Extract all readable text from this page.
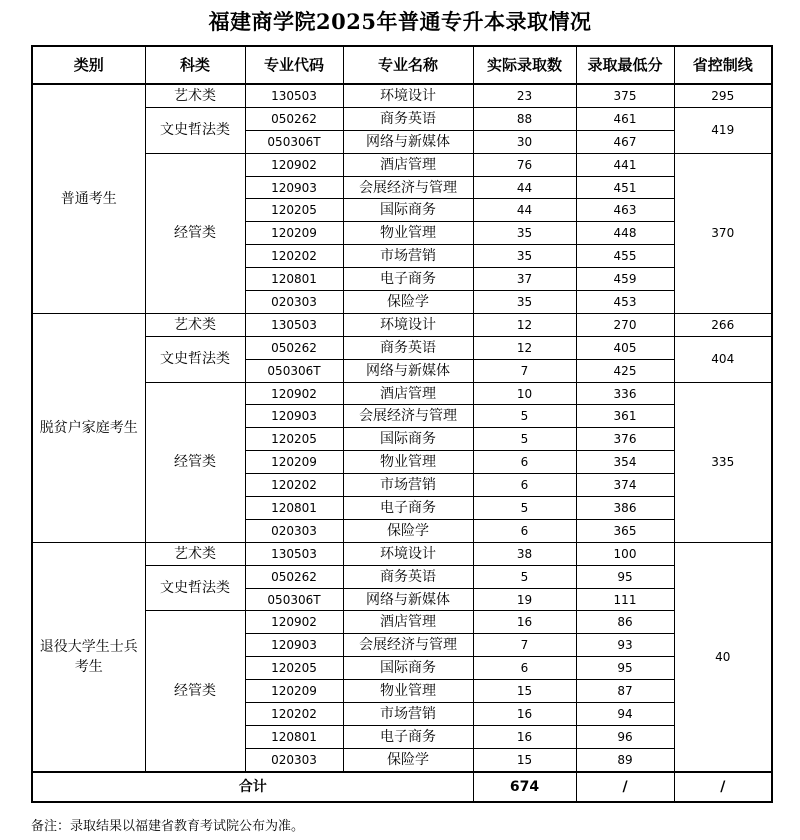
福建商学院2025年普通专升本录取情况
类别	科类	专业代码	专业名称	实际录取数	录取最低分	省控制线
普通考生	艺术类	130503	环境设计	23	375	295
	文史哲法类	050262	商务英语	88	461	419
		050306T	网络与新媒体	30	467	
	经管类	120902	酒店管理	76	441	370
		120903	会展经济与管理	44	451	
		120205	国际商务	44	463	
		120209	物业管理	35	448	
		120202	市场营销	35	455	
		120801	电子商务	37	459	
		020303	保险学	35	453	
脱贫户家庭考生	艺术类	130503	环境设计	12	270	266
	文史哲法类	050262	商务英语	12	405	404
		050306T	网络与新媒体	7	425	
	经管类	120902	酒店管理	10	336	335
		120903	会展经济与管理	5	361	
		120205	国际商务	5	376	
		120209	物业管理	6	354	
		120202	市场营销	6	374	
		120801	电子商务	5	386	
		020303	保险学	6	365	
退役大学生士兵考生	艺术类	130503	环境设计	38	100	40
	文史哲法类	050262	商务英语	5	95	
		050306T	网络与新媒体	19	111	
	经管类	120902	酒店管理	16	86	
		120903	会展经济与管理	7	93	
		120205	国际商务	6	95	
		120209	物业管理	15	87	
		120202	市场营销	16	94	
		120801	电子商务	16	96	
		020303	保险学	15	89	
合计				674	/	/
备注：录取结果以福建省教育考试院公布为准。
